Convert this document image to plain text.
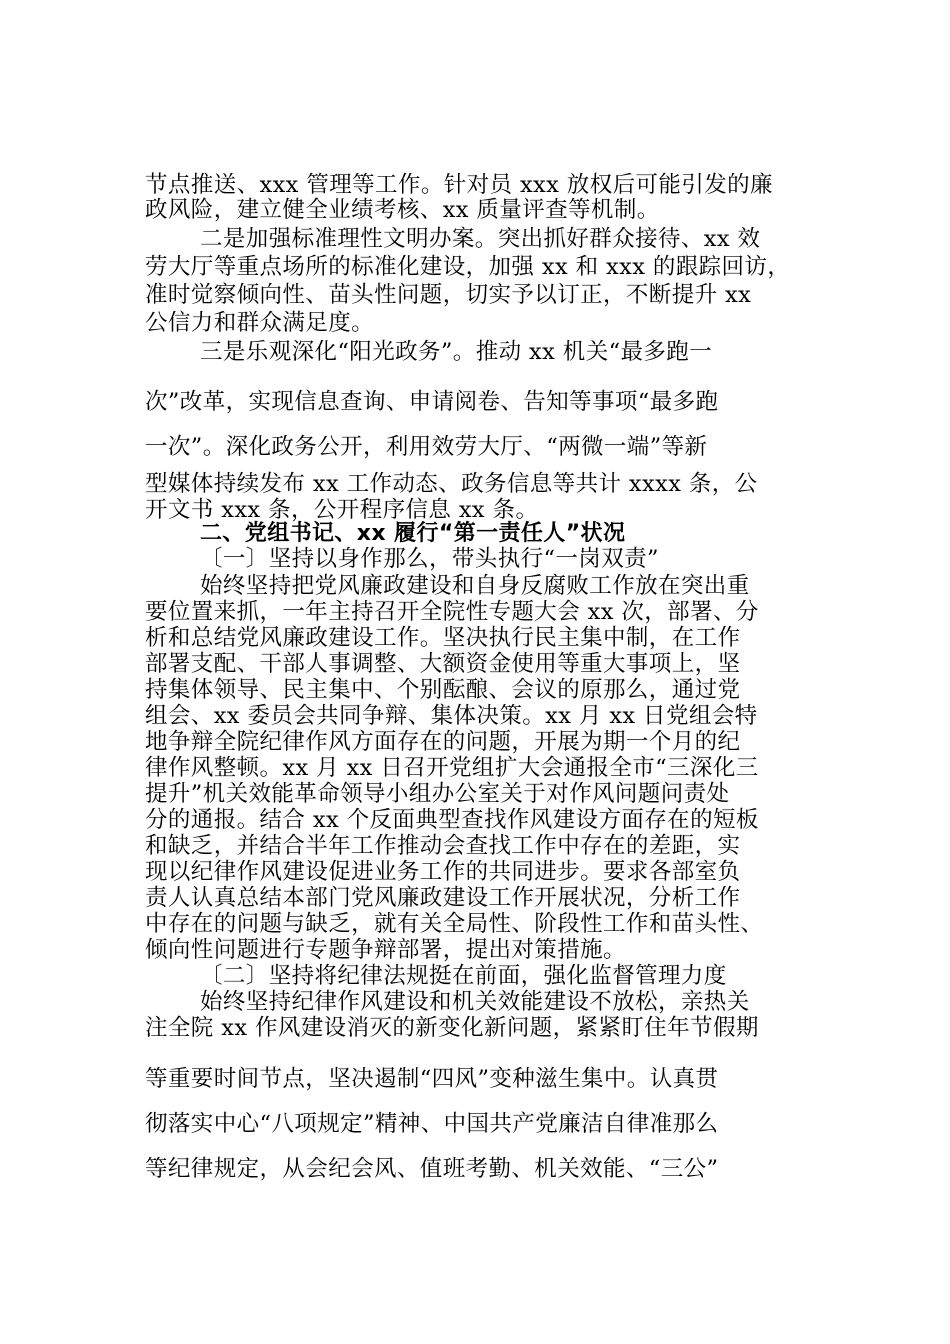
节点推送、xxx 管理等工作。针对员 xxx 放权后可能引发的廉
政风险，建立健全业绩考核、xx 质量评查等机制。
二是加强标准理性文明办案。突出抓好群众接待、xx 效
劳大厅等重点场所的标准化建设，加强 xx 和 xxx 的跟踪回访，
准时觉察倾向性、苗头性问题，切实予以订正，不断提升 xx
公信力和群众满足度。
三是乐观深化“阳光政务”。推动 xx 机关“最多跑一
次”改革，实现信息查询、申请阅卷、告知等事项“最多跑
一次”。深化政务公开，利用效劳大厅、“两微一端”等新
型媒体持续发布 xx 工作动态、政务信息等共计 xxxx 条，公
开文书 xxx 条，公开程序信息 xx 条。
二、党组书记、xx 履行“第一责任人”状况
〔一〕坚持以身作那么，带头执行“一岗双责”
始终坚持把党风廉政建设和自身反腐败工作放在突出重
要位置来抓，一年主持召开全院性专题大会 xx 次，部署、分
析和总结党风廉政建设工作。坚决执行民主集中制，在工作
部署支配、干部人事调整、大额资金使用等重大事项上，坚
持集体领导、民主集中、个别酝酿、会议的原那么，通过党
组会、xx 委员会共同争辩、集体决策。xx 月 xx 日党组会特
地争辩全院纪律作风方面存在的问题，开展为期一个月的纪
律作风整顿。xx 月 xx 日召开党组扩大会通报全市“三深化三
提升”机关效能革命领导小组办公室关于对作风问题问责处
分的通报。结合 xx 个反面典型查找作风建设方面存在的短板
和缺乏，并结合半年工作推动会查找工作中存在的差距，实
现以纪律作风建设促进业务工作的共同进步。要求各部室负
责人认真总结本部门党风廉政建设工作开展状况，分析工作
中存在的问题与缺乏，就有关全局性、阶段性工作和苗头性、
倾向性问题进行专题争辩部署，提出对策措施。
〔二〕坚持将纪律法规挺在前面，强化监督管理力度
始终坚持纪律作风建设和机关效能建设不放松，亲热关
注全院 xx 作风建设消灭的新变化新问题，紧紧盯住年节假期
等重要时间节点，坚决遏制“四风”变种滋生集中。认真贯
彻落实中心“八项规定”精神、中国共产党廉洁自律准那么
等纪律规定，从会纪会风、值班考勤、机关效能、“三公”
